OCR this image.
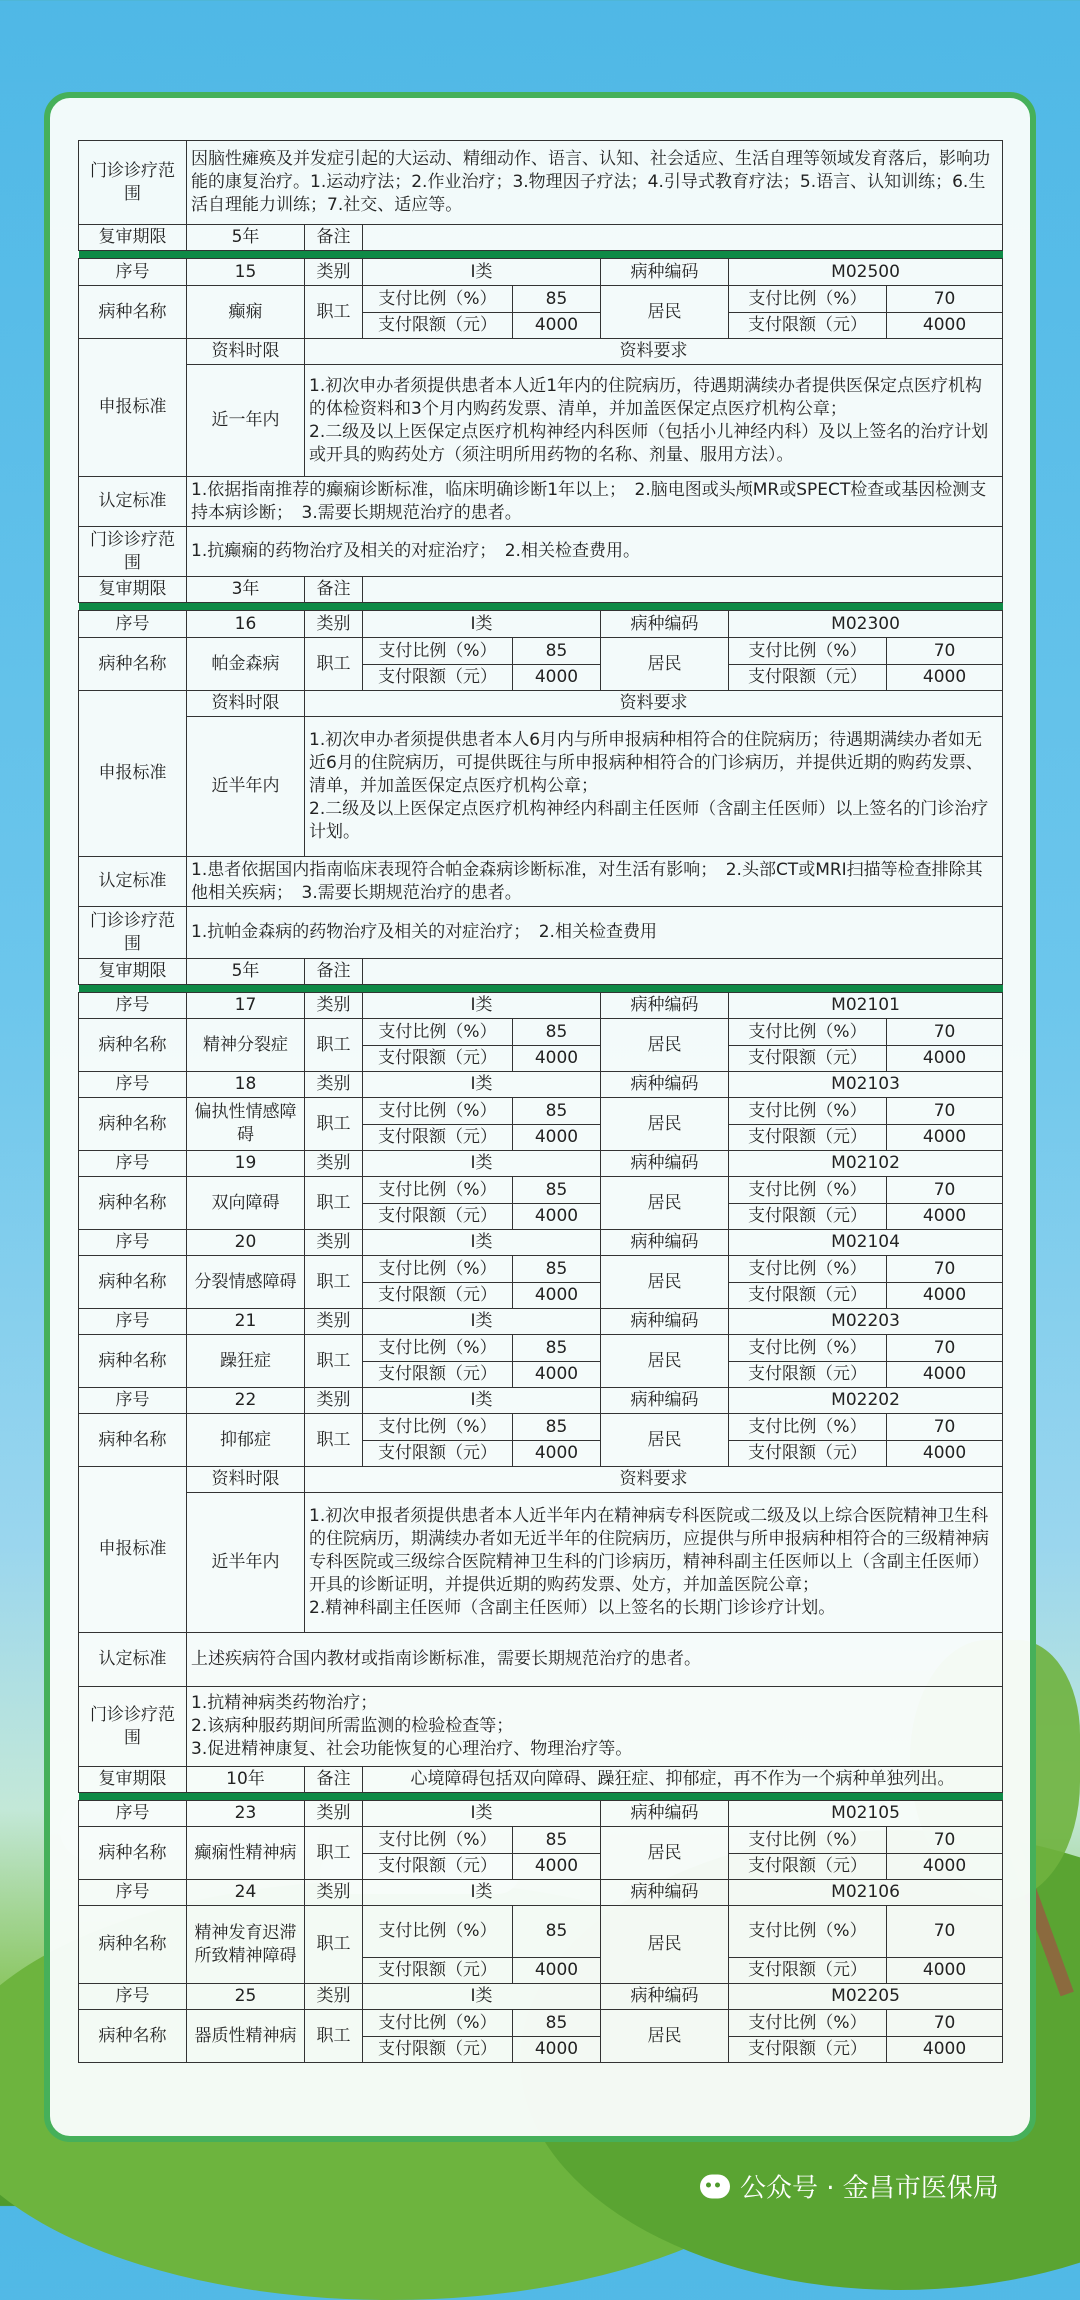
门诊诊疗范围	因脑性瘫痪及并发症引起的大运动、精细动作、语言、认知、社会适应、生活自理等领域发育落后，影响功能的康复治疗。1.运动疗法；2.作业治疗；3.物理因子疗法；4.引导式教育疗法；5.语言、认知训练；6.生活自理能力训练；7.社交、适应等。						
复审期限	5年	备注					

序号	15	类别	Ⅰ类		病种编码	M02500	
病种名称	癫痫	职工	支付比例（%）	85	居民	支付比例（%）	70
			支付限额（元）	4000		支付限额（元）	4000
申报标准	资料时限	资料要求					
	近一年内	1.初次申办者须提供患者本人近1年内的住院病历，待遇期满续办者提供医保定点医疗机构的体检资料和3个月内购药发票、清单，并加盖医保定点医疗机构公章；
2.二级及以上医保定点医疗机构神经内科医师（包括小儿神经内科）及以上签名的治疗计划或开具的购药处方（须注明所用药物的名称、剂量、服用方法）。					
认定标准	1.依据指南推荐的癫痫诊断标准，临床明确诊断1年以上；　2.脑电图或头颅MR或SPECT检查或基因检测支持本病诊断；　3.需要长期规范治疗的患者。						
门诊诊疗范围	1.抗癫痫的药物治疗及相关的对症治疗；　2.相关检查费用。						
复审期限	3年	备注					

序号	16	类别	Ⅰ类		病种编码	M02300	
病种名称	帕金森病	职工	支付比例（%）	85	居民	支付比例（%）	70
			支付限额（元）	4000		支付限额（元）	4000
申报标准	资料时限	资料要求					
	近半年内	1.初次申办者须提供患者本人6月内与所申报病种相符合的住院病历；待遇期满续办者如无近6月的住院病历，可提供既往与所申报病种相符合的门诊病历，并提供近期的购药发票、清单，并加盖医保定点医疗机构公章；
2.二级及以上医保定点医疗机构神经内科副主任医师（含副主任医师）以上签名的门诊治疗计划。					
认定标准	1.患者依据国内指南临床表现符合帕金森病诊断标准，对生活有影响；　2.头部CT或MRI扫描等检查排除其他相关疾病；　3.需要长期规范治疗的患者。						
门诊诊疗范围	1.抗帕金森病的药物治疗及相关的对症治疗；　2.相关检查费用						
复审期限	5年	备注					

序号	17	类别	Ⅰ类		病种编码	M02101	
病种名称	精神分裂症	职工	支付比例（%）	85	居民	支付比例（%）	70
			支付限额（元）	4000		支付限额（元）	4000
序号	18	类别	Ⅰ类		病种编码	M02103	
病种名称	偏执性情感障碍	职工	支付比例（%）	85	居民	支付比例（%）	70
			支付限额（元）	4000		支付限额（元）	4000
序号	19	类别	Ⅰ类		病种编码	M02102	
病种名称	双向障碍	职工	支付比例（%）	85	居民	支付比例（%）	70
			支付限额（元）	4000		支付限额（元）	4000
序号	20	类别	Ⅰ类		病种编码	M02104	
病种名称	分裂情感障碍	职工	支付比例（%）	85	居民	支付比例（%）	70
			支付限额（元）	4000		支付限额（元）	4000
序号	21	类别	Ⅰ类		病种编码	M02203	
病种名称	躁狂症	职工	支付比例（%）	85	居民	支付比例（%）	70
			支付限额（元）	4000		支付限额（元）	4000
序号	22	类别	Ⅰ类		病种编码	M02202	
病种名称	抑郁症	职工	支付比例（%）	85	居民	支付比例（%）	70
			支付限额（元）	4000		支付限额（元）	4000
申报标准	资料时限	资料要求					
	近半年内	1.初次申报者须提供患者本人近半年内在精神病专科医院或二级及以上综合医院精神卫生科的住院病历，期满续办者如无近半年的住院病历，应提供与所申报病种相符合的三级精神病专科医院或三级综合医院精神卫生科的门诊病历，精神科副主任医师以上（含副主任医师）开具的诊断证明，并提供近期的购药发票、处方，并加盖医院公章；
2.精神科副主任医师（含副主任医师）以上签名的长期门诊诊疗计划。					
认定标准	上述疾病符合国内教材或指南诊断标准，需要长期规范治疗的患者。						
门诊诊疗范围	1.抗精神病类药物治疗；
2.该病种服药期间所需监测的检验检查等；
3.促进精神康复、社会功能恢复的心理治疗、物理治疗等。						
复审期限	10年	备注	心境障碍包括双向障碍、躁狂症、抑郁症，再不作为一个病种单独列出。				

序号	23	类别	Ⅰ类		病种编码	M02105	
病种名称	癫痫性精神病	职工	支付比例（%）	85	居民	支付比例（%）	70
			支付限额（元）	4000		支付限额（元）	4000
序号	24	类别	Ⅰ类		病种编码	M02106	
病种名称	精神发育迟滞所致精神障碍	职工	支付比例（%）	85	居民	支付比例（%）	70
			支付限额（元）	4000		支付限额（元）	4000
序号	25	类别	Ⅰ类		病种编码	M02205	
病种名称	器质性精神病	职工	支付比例（%）	85	居民	支付比例（%）	70
			支付限额（元）	4000		支付限额（元）	4000
公众号 · 金昌市医保局
